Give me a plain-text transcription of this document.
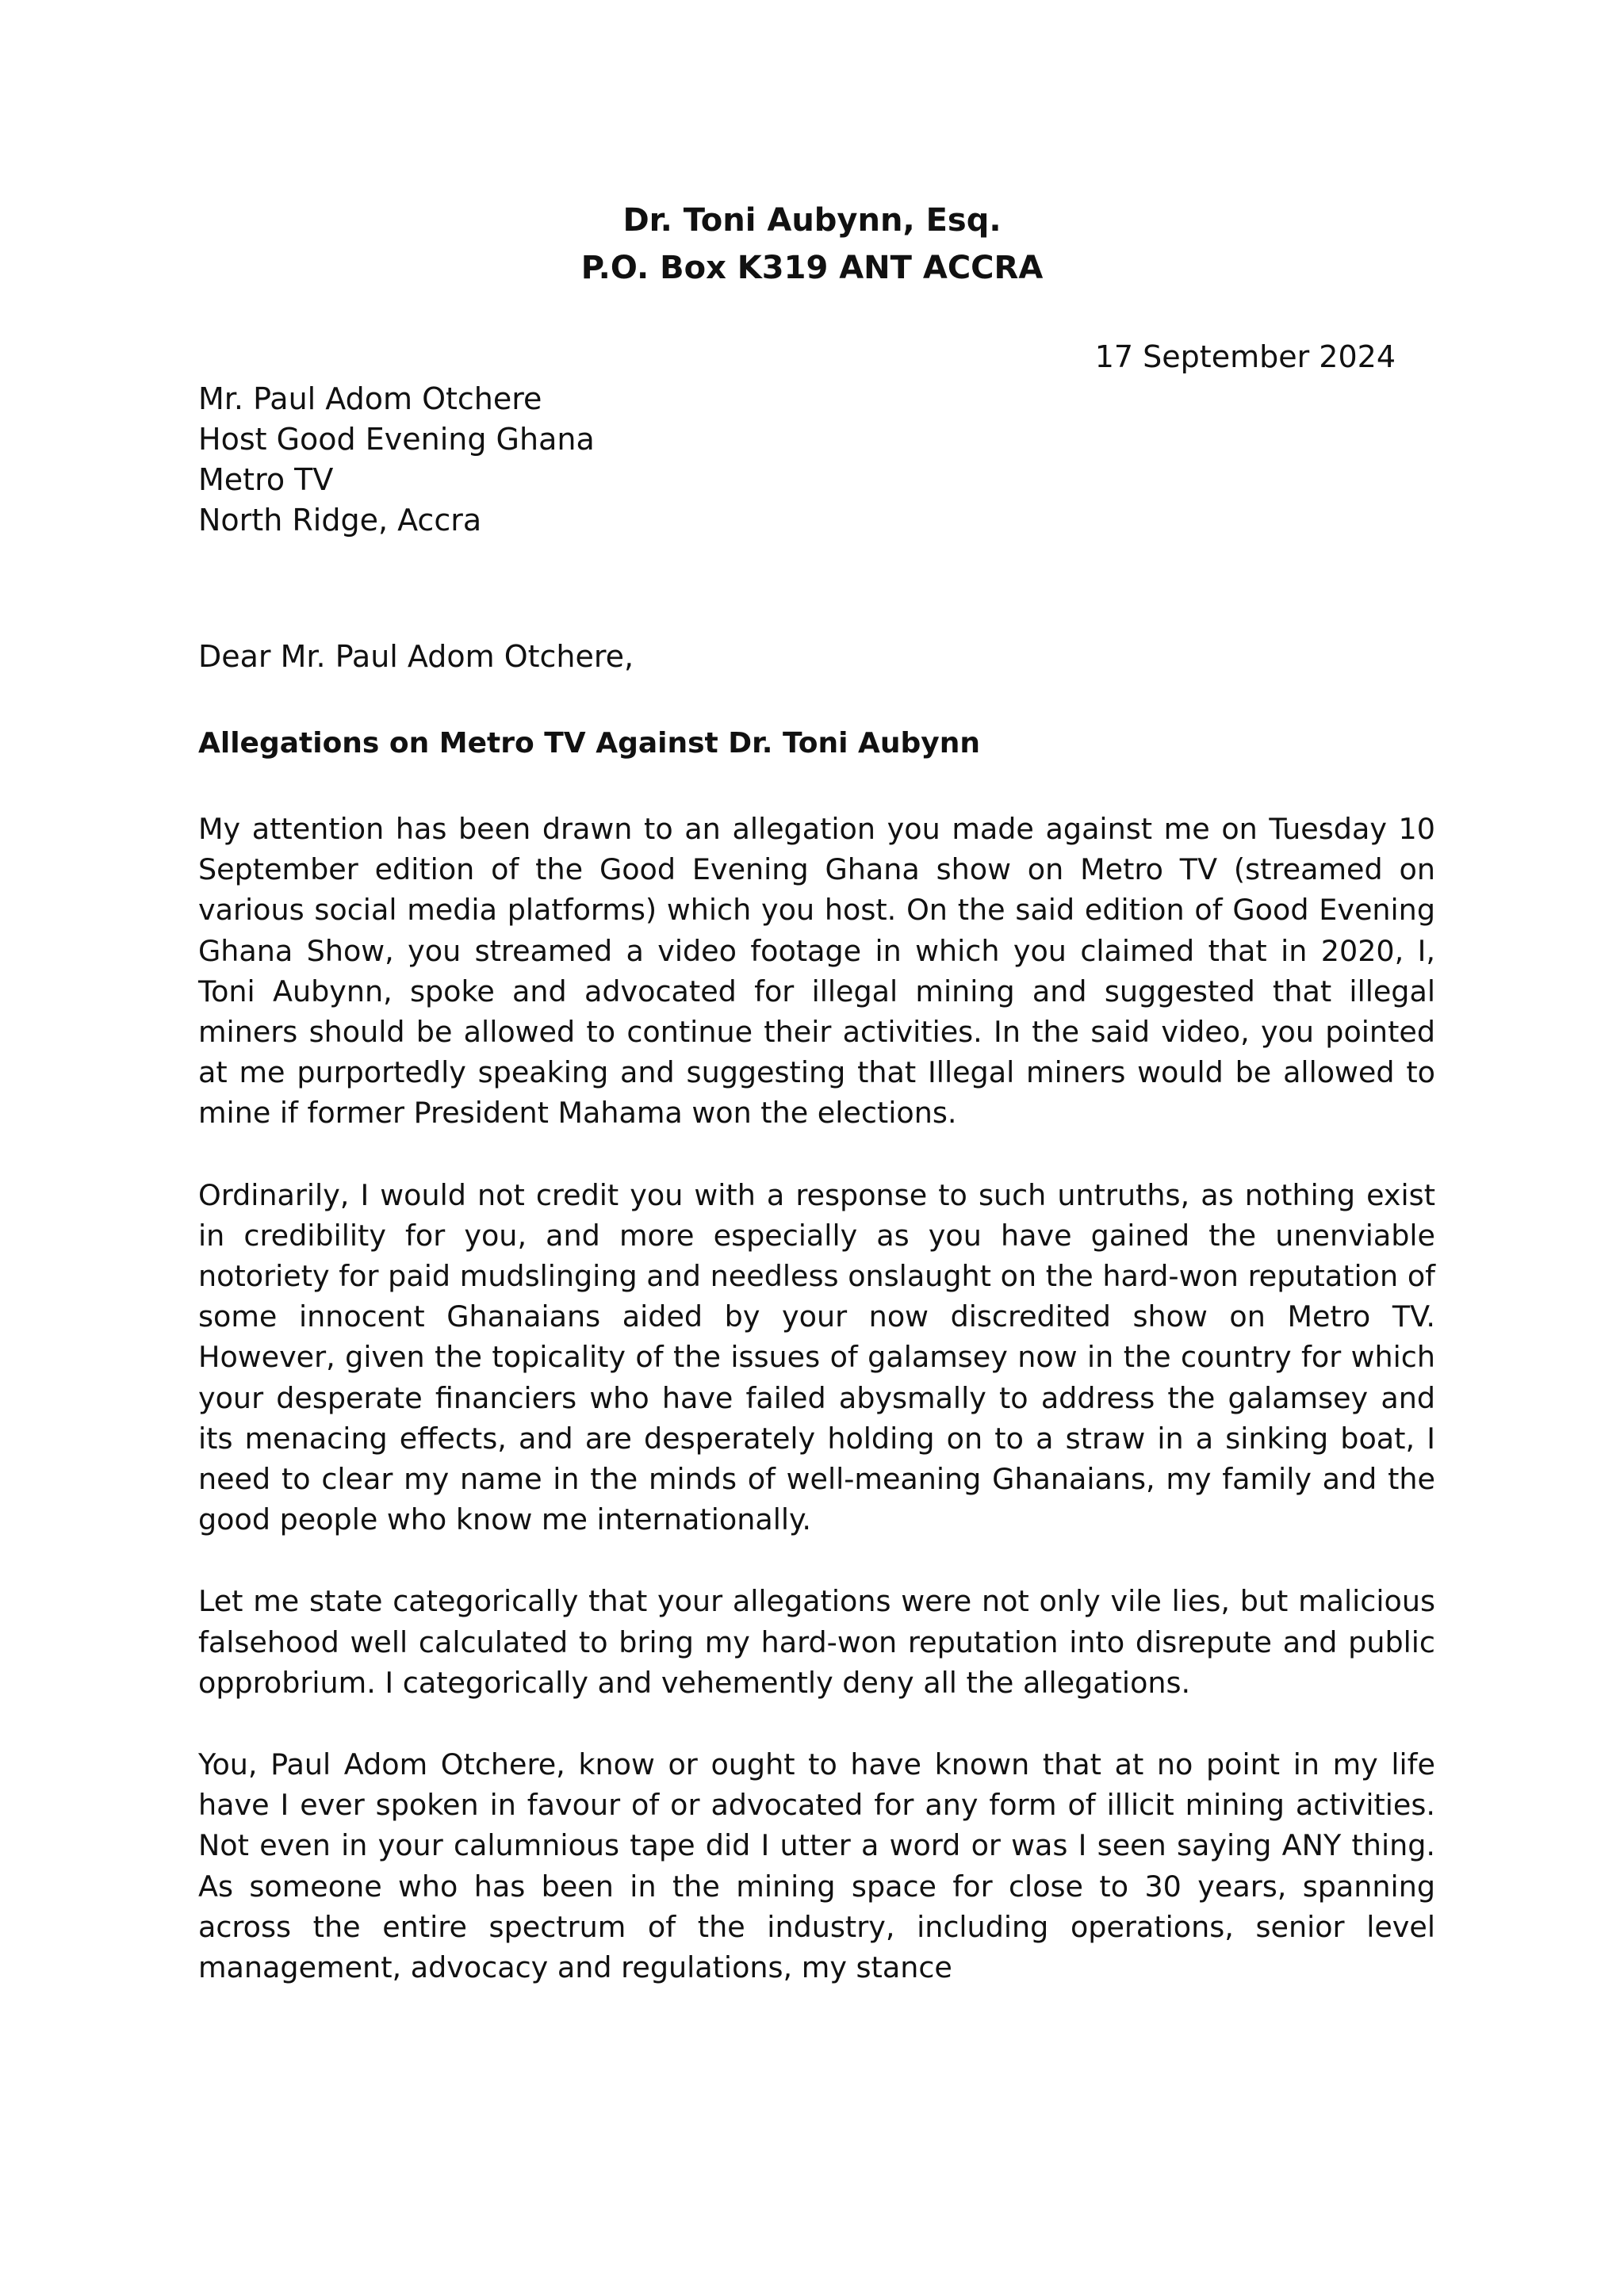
Dr. Toni Aubynn, Esq.
P.O. Box K319 ANT ACCRA
17 September 2024
Mr. Paul Adom Otchere
Host Good Evening Ghana
Metro TV
North Ridge, Accra
Dear Mr. Paul Adom Otchere,
Allegations on Metro TV Against Dr. Toni Aubynn

My attention has been drawn to an allegation you made against me on Tuesday 10 September edition of the Good Evening Ghana show on Metro TV (streamed on various social media platforms) which you host. On the said edition of Good Evening Ghana Show, you streamed a video footage in which you claimed that in 2020, I, Toni Aubynn, spoke and advocated for illegal mining and suggested that illegal miners should be allowed to continue their activities. In the said video, you pointed at me purportedly speaking and suggesting that Illegal miners would be allowed to mine if former President Mahama won the elections.

Ordinarily, I would not credit you with a response to such untruths, as nothing exist in credibility for you, and more especially as you have gained the unenviable notoriety for paid mudslinging and needless onslaught on the hard-won reputation of some innocent Ghanaians aided by your now discredited show on Metro TV. However, given the topicality of the issues of galamsey now in the country for which your desperate financiers who have failed abysmally to address the galamsey and its menacing effects, and are desperately holding on to a straw in a sinking boat, I need to clear my name in the minds of well-meaning Ghanaians, my family and the good people who know me internationally.

Let me state categorically that your allegations were not only vile lies, but malicious falsehood well calculated to bring my hard-won reputation into disrepute and public opprobrium. I categorically and vehemently deny all the allegations.

You, Paul Adom Otchere, know or ought to have known that at no point in my life have I ever spoken in favour of or advocated for any form of illicit mining activities. Not even in your calumnious tape did I utter a word or was I seen saying ANY thing. As someone who has been in the mining space for close to 30 years, spanning across the entire spectrum of the industry, including operations, senior level management, advocacy and regulations, my stance
